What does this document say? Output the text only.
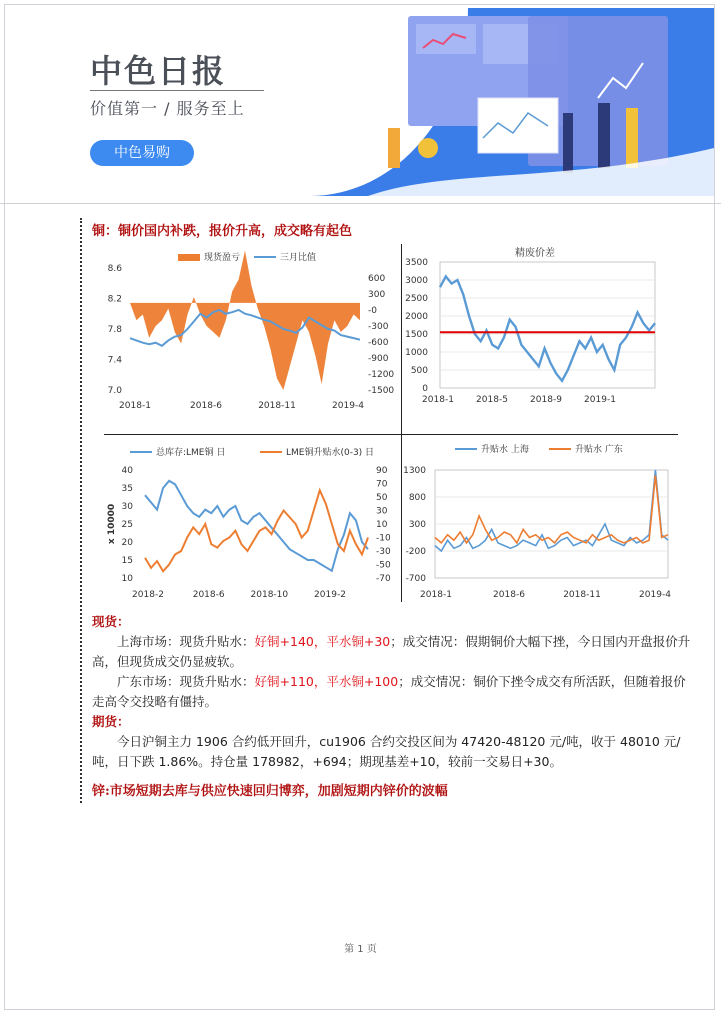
中色日报
价值第一 / 服务至上
中色易购
铜：铜价国内补跌，报价升高，成交略有起色
8.6
8.2
7.8
7.4
7.0
600
300
-0
-300
-600
-900
-1200
-1500
2018-1	2018-6	2018-11	2019-4
现货盈亏	三月比值	精废价差
3500
3000
2500
2000
1500
1000
500
0
2018-1 2018-5 2018-9 2019-1
40
35
30
25
20
15
10
90
70
50
30
10
-10
-30
-50
-70
x 10000
2018-2	2018-6	2018-10	2019-2
总库存:LME铜 日	LME铜升贴水(0-3) 日
1300
800
300
-200
-700
2018-1	2018-6	2018-11	2019-4
升贴水 上海	升贴水 广东
现货：
上海市场：现货升贴水：好铜+140，平水铜+30；成交情况：假期铜价大幅下挫，今日国内开盘报价升高，但现货成交仍显疲软。
广东市场：现货升贴水：好铜+110，平水铜+100；成交情况：铜价下挫令成交有所活跃，但随着报价走高令交投略有僵持。
期货：
今日沪铜主力 1906 合约低开回升，cu1906 合约交投区间为 47420-48120 元/吨，收于 48010 元/吨，日下跌 1.86%。持仓量 178982，+694；期现基差+10，较前一交易日+30。
锌:市场短期去库与供应快速回归博弈，加剧短期内锌价的波幅
第 1 页
